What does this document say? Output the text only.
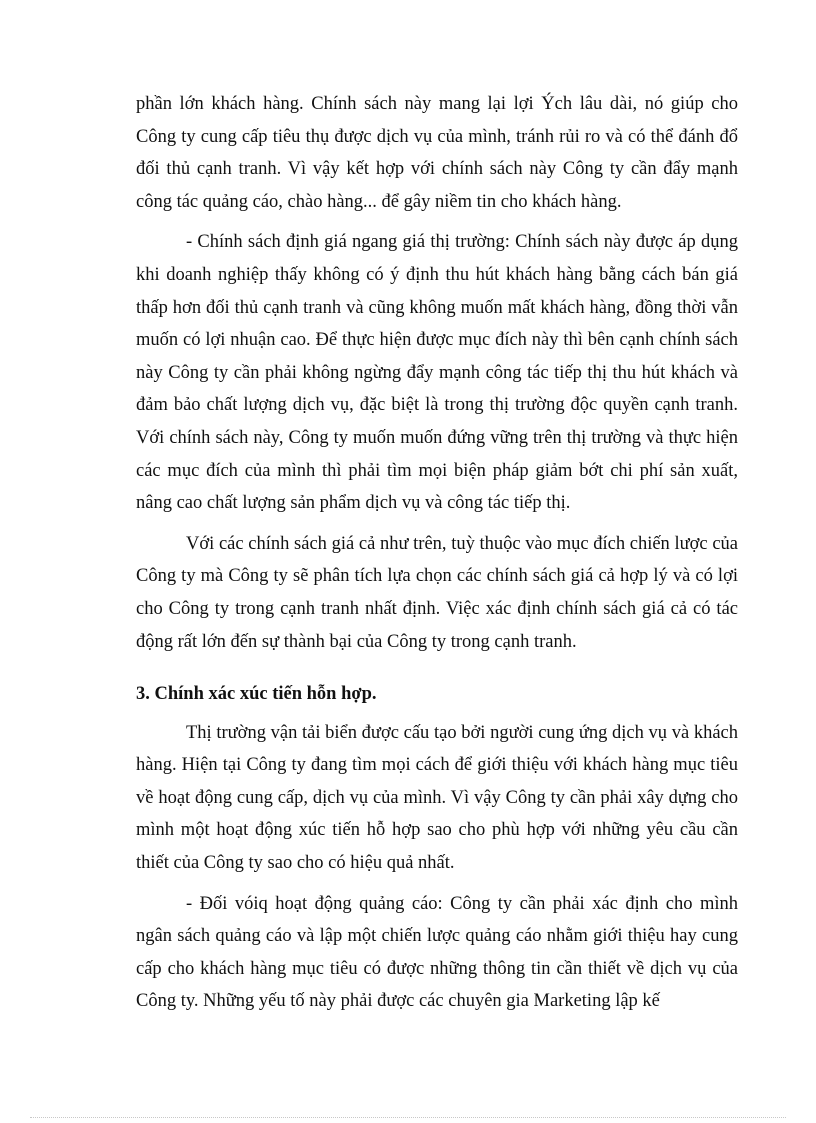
phần lớn khách hàng. Chính sách này mang lại lợi Ých lâu dài, nó giúp cho Công ty cung cấp tiêu thụ được dịch vụ của mình, tránh rủi ro và có thể đánh đổ đối thủ cạnh tranh. Vì vậy kết hợp với chính sách này Công ty cần đẩy mạnh công tác quảng cáo, chào hàng... để gây niềm tin cho khách hàng.

- Chính sách định giá ngang giá thị trường: Chính sách này được áp dụng khi doanh nghiệp thấy không có ý định thu hút khách hàng bằng cách bán giá thấp hơn đối thủ cạnh tranh và cũng không muốn mất khách hàng, đồng thời vẫn muốn có lợi nhuận cao. Để thực hiện được mục đích này thì bên cạnh chính sách này Công ty cần phải không ngừng đẩy mạnh công tác tiếp thị thu hút khách và đảm bảo chất lượng dịch vụ, đặc biệt là trong thị trường độc quyền cạnh tranh. Với chính sách này, Công ty muốn muốn đứng vững trên thị trường và thực hiện các mục đích của mình thì phải tìm mọi biện pháp giảm bớt chi phí sản xuất, nâng cao chất lượng sản phẩm dịch vụ và công tác tiếp thị.

Với các chính sách giá cả như trên, tuỳ thuộc vào mục đích chiến lược của Công ty mà Công ty sẽ phân tích lựa chọn các chính sách giá cả hợp lý và có lợi cho Công ty trong cạnh tranh nhất định. Việc xác định chính sách giá cả có tác động rất lớn đến sự thành bại của Công ty trong cạnh tranh.

3. Chính xác xúc tiến hỗn hợp.

Thị trường vận tải biển được cấu tạo bởi người cung ứng dịch vụ và khách hàng. Hiện tại Công ty đang tìm mọi cách để giới thiệu với khách hàng mục tiêu về hoạt động cung cấp, dịch vụ của mình. Vì vậy Công ty cần phải xây dựng cho mình một hoạt động xúc tiến hỗ hợp sao cho phù hợp với những yêu cầu cần thiết của Công ty sao cho có hiệu quả nhất.

- Đối vóiq hoạt động quảng cáo: Công ty cần phải xác định cho mình ngân sách quảng cáo và lập một chiến lược quảng cáo nhằm giới thiệu hay cung cấp cho khách hàng mục tiêu có được những thông tin cần thiết về dịch vụ của Công ty. Những yếu tố này phải được các chuyên gia Marketing lập kế
